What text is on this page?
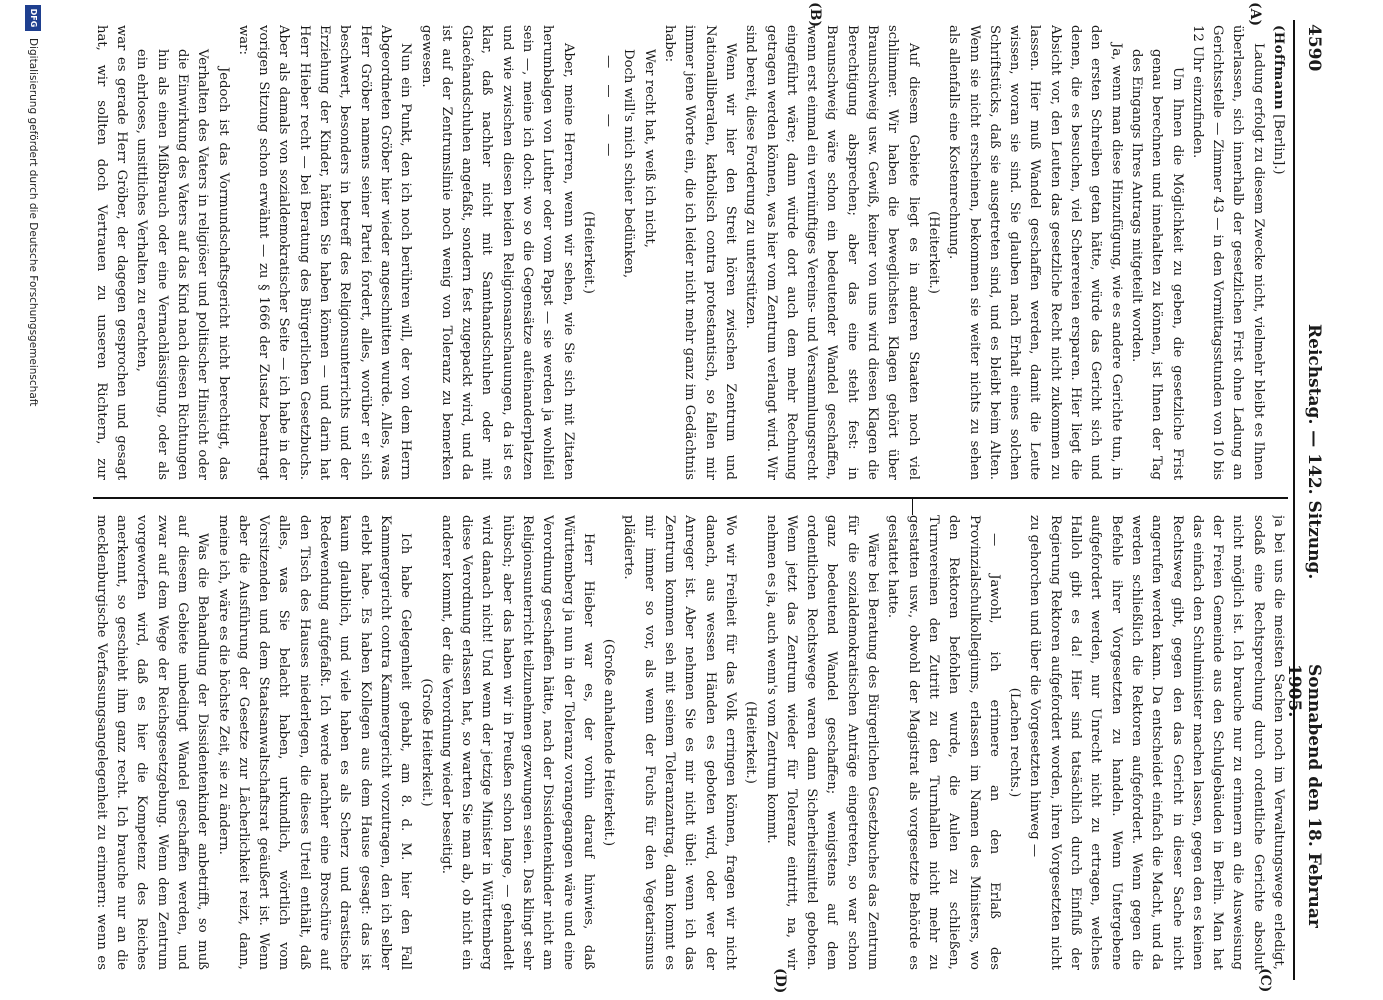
4590
Reichstag. — 142. Sitzung.
Sonnabend den 18. Februar 1905.
(A)
(B)
(C)
(D)

(Hoffmann [Berlin].)

Ladung erfolgt zu diesem Zwecke nicht, vielmehr bleibt es Ihnen überlassen, sich innerhalb der gesetzlichen Frist ohne Ladung an Gerichtsstelle — Zimmer 43 — in den Vormittagsstunden von 10 bis 12 Uhr einzufinden.

Um Ihnen die Möglichkeit zu geben, die gesetzliche Frist genau berechnen und innehalten zu können, ist Ihnen der Tag des Eingangs Ihres Antrags mitgeteilt worden.

Ja, wenn man diese Hinzufügung, wie es andere Gerichte tun, in den ersten Schreiben getan hätte, würde das Gericht sich und denen, die es besuchen, viel Scherereien ersparen. Hier liegt die Absicht vor, den Leuten das gesetzliche Recht nicht zukommen zu lassen. Hier muß Wandel geschaffen werden, damit die Leute wissen, woran sie sind. Sie glauben nach Erhalt eines solchen Schriftstücks, daß sie ausgetreten sind, und es bleibt beim Alten. Wenn sie nicht erscheinen, bekommen sie weiter nichts zu sehen als allenfalls eine Kostenrechnung.

(Heiterkeit.)

Auf diesem Gebiete liegt es in anderen Staaten noch viel schlimmer. Wir haben die beweglichsten Klagen gehört über Braunschweig usw. Gewiß, keiner von uns wird diesen Klagen die Berechtigung absprechen; aber das eine steht fest: in Braunschweig wäre schon ein bedeutender Wandel geschaffen, wenn erst einmal ein vernünftiges Vereins- und Versammlungsrecht eingeführt wäre; dann würde dort auch dem mehr Rechnung getragen werden können, was hier vom Zentrum verlangt wird. Wir sind bereit, diese Forderung zu unterstützen.

Wenn wir hier den Streit hören zwischen Zentrum und Nationalliberalen, katholisch contra protestantisch, so fallen mir immer jene Worte ein, die ich leider nicht mehr ganz im Gedächtnis habe:

Wer recht hat, weiß ich nicht,

Doch will's mich schier bedünken,

— — — —

(Heiterkeit.)

Aber, meine Herren, wenn wir sehen, wie Sie sich mit Zitaten herumbalgen von Luther oder vom Papst — sie werden ja wohlfeil sein —, meine ich doch: wo so die Gegensätze aufeinanderplatzen und wie zwischen diesen beiden Religionsanschauungen, da ist es klar, daß nachher nicht mit Samthandschuhen oder mit Glacéhandschuhen angefaßt, sondern fest zugepackt wird, und da ist auf der Zentrumslinie noch wenig von Toleranz zu bemerken gewesen.

Nun ein Punkt, den ich noch berühren will, der von dem Herrn Abgeordneten Gröber hier wieder angeschnitten wurde. Alles, was Herr Gröber namens seiner Partei fordert, alles, worüber er sich beschwert, besonders in betreff des Religionsunterrichts und der Erziehung der Kinder, hätten Sie haben können — und darin hat Herr Hieber recht — bei Beratung des Bürgerlichen Gesetzbuchs. Aber als damals von sozialdemokratischer Seite — ich habe in der vorigen Sitzung schon erwähnt — zu § 1666 der Zusatz beantragt war:

Jedoch ist das Vormundschaftsgericht nicht berechtigt, das Verhalten des Vaters in religiöser und politischer Hinsicht oder die Einwirkung des Vaters auf das Kind nach diesen Richtungen hin als einen Mißbrauch oder eine Vernachlässigung, oder als ein ehrloses, unsittliches Verhalten zu erachten,

war es gerade Herr Gröber, der dagegen gesprochen und gesagt hat, wir sollten doch Vertrauen zu unseren Richtern, zur

ja bei uns die meisten Sachen noch im Verwaltungswege erledigt, sodaß eine Rechtsprechung durch ordentliche Gerichte absolut nicht möglich ist. Ich brauche nur zu erinnern an die Ausweisung der Freien Gemeinde aus den Schulgebäuden in Berlin. Man hat das einfach den Schulminister machen lassen, gegen den es keinen Rechtsweg gibt, gegen den das Gericht in dieser Sache nicht angerufen werden kann. Da entscheidet einfach die Macht, und da werden schließlich die Rektoren aufgefordert. Wenn gegen die Befehle ihrer Vorgesetzten zu handeln. Wenn Untergebene aufgefordert werden, nur Unrecht nicht zu ertragen, welches Halloh gibt es da! Hier sind tatsächlich durch Einfluß der Regierung Rektoren aufgefordert worden, ihren Vorgesetzten nicht zu gehorchen und über die Vorgesetzten hinweg —

(Lachen rechts.)

— Jawohl, ich erinnere an den Erlaß des Provinzialschulkollegiums, erlassen im Namen des Ministers, wo den Rektoren befohlen wurde, die Aulen zu schließen, Turnvereinen den Zutritt zu den Turnhallen nicht mehr zu gestatten usw., obwohl der Magistrat als vorgesetzte Behörde es gestattet hatte.

Wäre bei Beratung des Bürgerlichen Gesetzbuches das Zentrum für die sozialdemokratischen Anträge eingetreten, so war schon ganz bedeutend Wandel geschaffen; wenigstens auf dem ordentlichen Rechtswege waren dann Sicherheitsmittel geboten. Wenn jetzt das Zentrum wieder für Toleranz eintritt, na, wir nehmen es ja, auch wenn's vom Zentrum kommt.

(Heiterkeit.)

Wo wir Freiheit für das Volk erringen können, fragen wir nicht danach, aus wessen Händen es geboten wird, oder wer der Anreger ist. Aber nehmen Sie es mir nicht übel: wenn ich das Zentrum kommen seh mit seinem Toleranzantrag, dann kommt es mir immer so vor, als wenn der Fuchs für den Vegetarismus plädierte.

(Große anhaltende Heiterkeit.)

Herr Hieber war es, der vorhin darauf hinwies, daß Württemberg ja nun in der Toleranz vorangegangen wäre und eine Verordnung geschaffen hätte, nach der Dissidentenkinder nicht am Religionsunterricht teilzunehmen gezwungen seien. Das klingt sehr hübsch; aber das haben wir in Preußen schon lange, — gehandelt wird danach nicht! Und wenn der jetzige Minister in Württemberg diese Verordnung erlassen hat, so warten Sie man ab, ob nicht ein anderer kommt, der die Verordnung wieder beseitigt.

(Große Heiterkeit.)

Ich habe Gelegenheit gehabt, am 8. d. M. hier den Fall Kammergericht contra Kammergericht vorzutragen, den ich selber erlebt habe. Es haben Kollegen aus dem Hause gesagt: das ist kaum glaublich, und viele haben es als Scherz und drastische Redewendung aufgefaßt. Ich werde nachher eine Broschüre auf den Tisch des Hauses niederlegen, die dieses Urteil enthält, daß alles, was Sie belacht haben, urkundlich, wörtlich vom Vorsitzenden und dem Staatsanwaltschaftsrat geäußert ist. Wenn aber die Ausführung der Gesetze zur Lächerlichkeit reizt, dann, meine ich, wäre es die höchste Zeit, sie zu ändern.

Was die Behandlung der Dissidentenkinder anbetrifft, so muß auf diesem Gebiete unbedingt Wandel geschaffen werden, und zwar auf dem Wege der Reichsgesetzgebung. Wenn dem Zentrum vorgeworfen wird, daß es hier die Kompetenz des Reiches anerkennt, so geschieht ihm ganz recht. Ich brauche nur an die mecklenburgische Verfassungsangelegenheit zu erinnern: wenn es

DFG
Digitalisierung gefördert durch die Deutsche Forschungsgemeinschaft
